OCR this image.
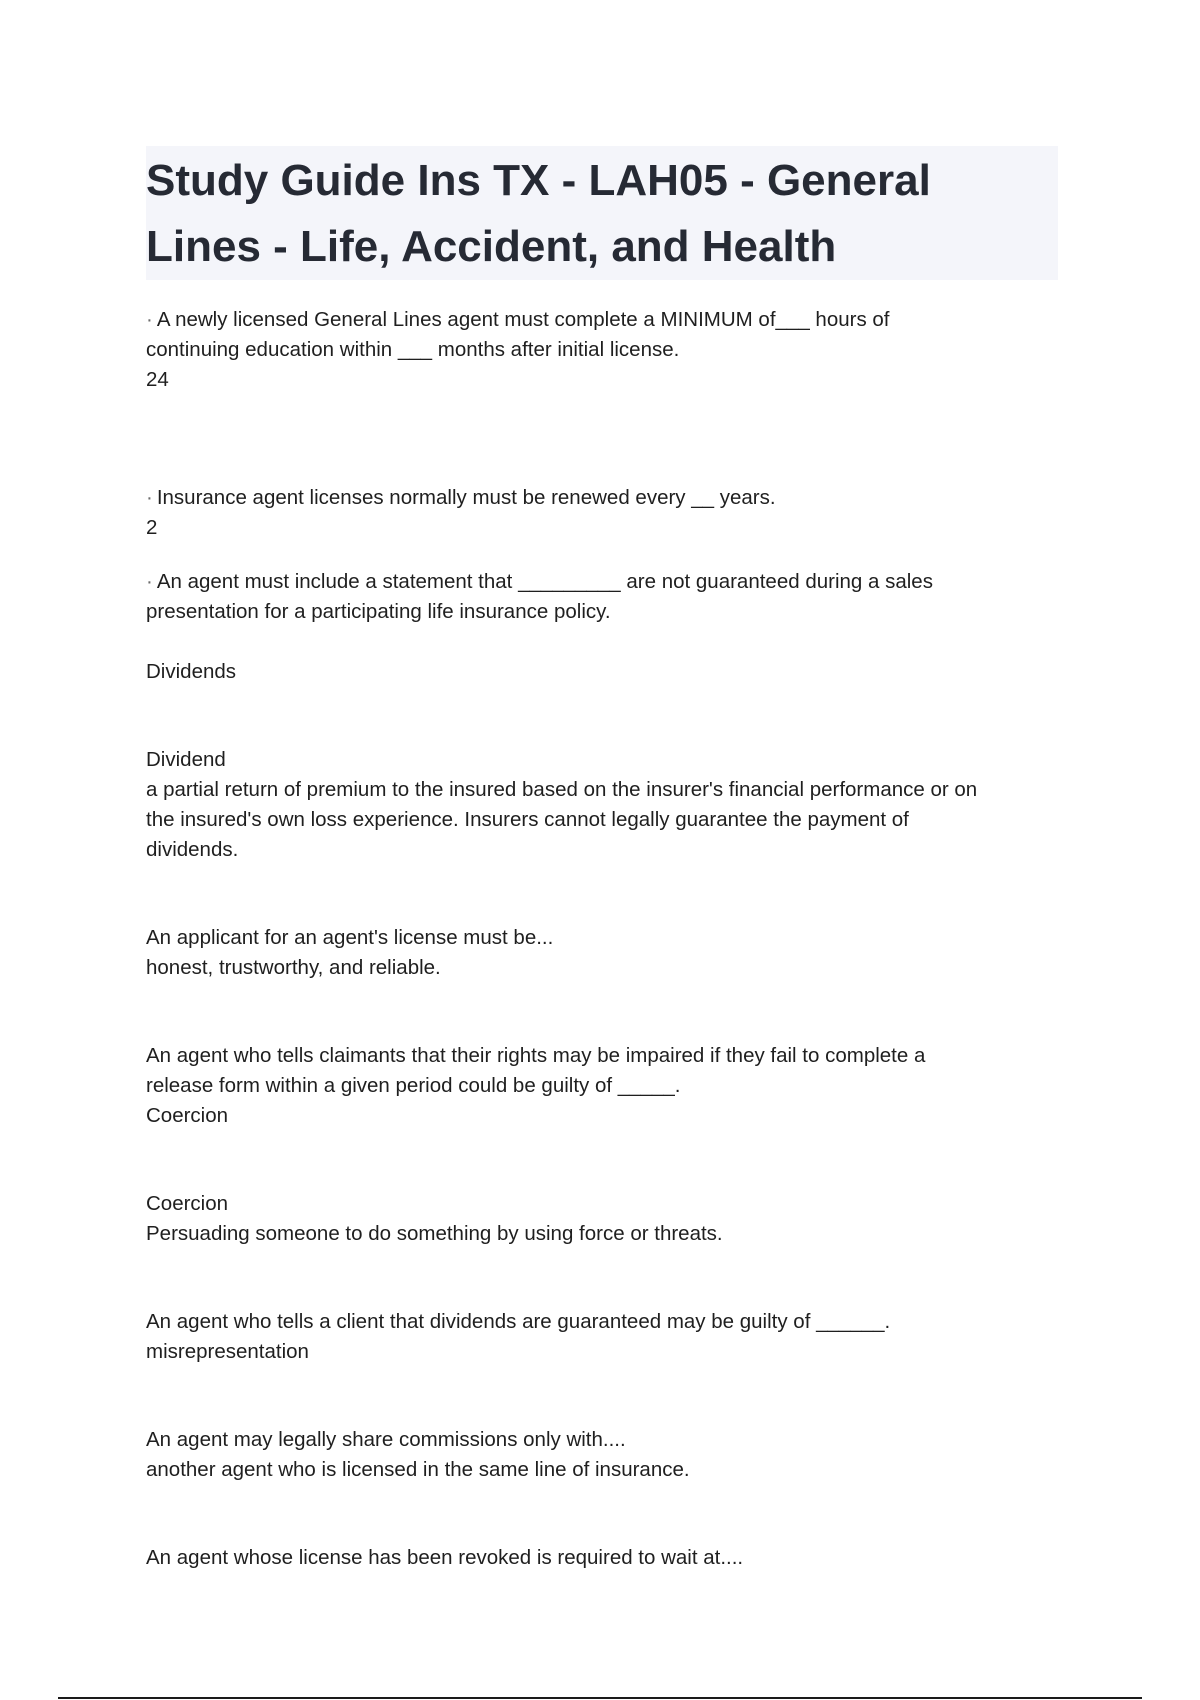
Study Guide Ins TX - LAH05 - General
Lines - Life, Accident, and Health
· A newly licensed General Lines agent must complete a MINIMUM of___ hours of
continuing education within ___ months after initial license.
24
· Insurance agent licenses normally must be renewed every __ years.
2
· An agent must include a statement that _________ are not guaranteed during a sales
presentation for a participating life insurance policy.
Dividends
Dividend
a partial return of premium to the insured based on the insurer's financial performance or on
the insured's own loss experience. Insurers cannot legally guarantee the payment of
dividends.
An applicant for an agent's license must be...
honest, trustworthy, and reliable.
An agent who tells claimants that their rights may be impaired if they fail to complete a
release form within a given period could be guilty of _____.
Coercion
Coercion
Persuading someone to do something by using force or threats.
An agent who tells a client that dividends are guaranteed may be guilty of ______.
misrepresentation
An agent may legally share commissions only with....
another agent who is licensed in the same line of insurance.
An agent whose license has been revoked is required to wait at....
